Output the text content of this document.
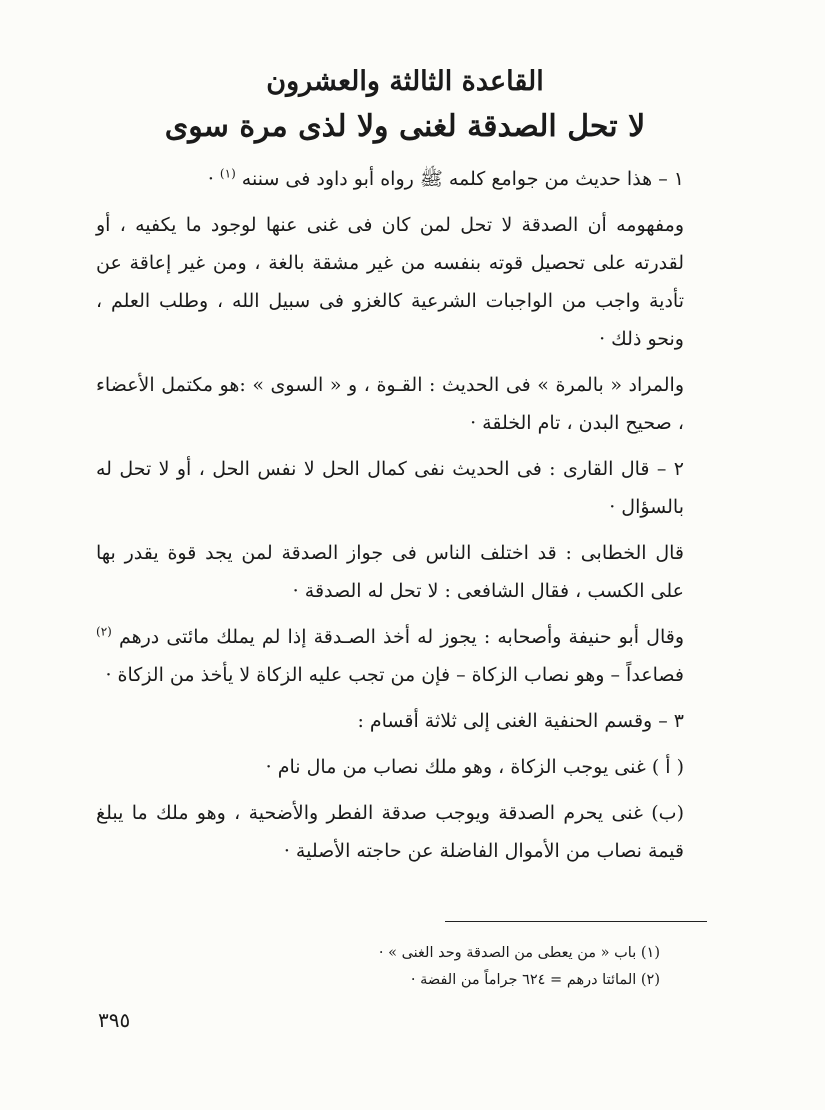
القاعدة الثالثة والعشرون
لا تحل الصدقة لغنى ولا لذى مرة سوى

١ – هذا حديث من جوامع كلمه ﷺ رواه أبو داود فى سننه $^{(١)}$ ·

ومفهومه أن الصدقة لا تحل لمن كان فى غنى عنها لوجود ما يكفيه ، أو لقدرته على تحصيل قوته بنفسه من غير مشقة بالغة ، ومن غير إعاقة عن تأدية واجب من الواجبات الشرعية كالغزو فى سبيل الله ، وطلب العلم ، ونحو ذلك ·

والمراد « بالمرة » فى الحديث : القـوة ، و « السوى » :هو مكتمل الأعضاء ، صحيح البدن ، تام الخلقة ·

٢ – قال القارى : فى الحديث نفى كمال الحل لا نفس الحل ، أو لا تحل له بالسؤال ·

قال الخطابى : قد اختلف الناس فى جواز الصدقة لمن يجد قوة يقدر بها على الكسب ، فقال الشافعى : لا تحل له الصدقة ·

وقال أبو حنيفة وأصحابه : يجوز له أخذ الصـدقة إذا لم يملك مائتى درهم $^{(٢)}$ فصاعداً – وهو نصاب الزكاة – فإن من تجب عليه الزكاة لا يأخذ من الزكاة ·

٣ – وقسم الحنفية الغنى إلى ثلاثة أقسام :

( أ ) غنى يوجب الزكاة ، وهو ملك نصاب من مال نام ·

(ب) غنى يحرم الصدقة ويوجب صدقة الفطر والأضحية ، وهو ملك ما يبلغ قيمة نصاب من الأموال الفاضلة عن حاجته الأصلية ·

(١) باب « من يعطى من الصدقة وحد الغنى » ·
(٢) المائتا درهم = ٦٢٤ جراماً من الفضة ·
٣٩٥
